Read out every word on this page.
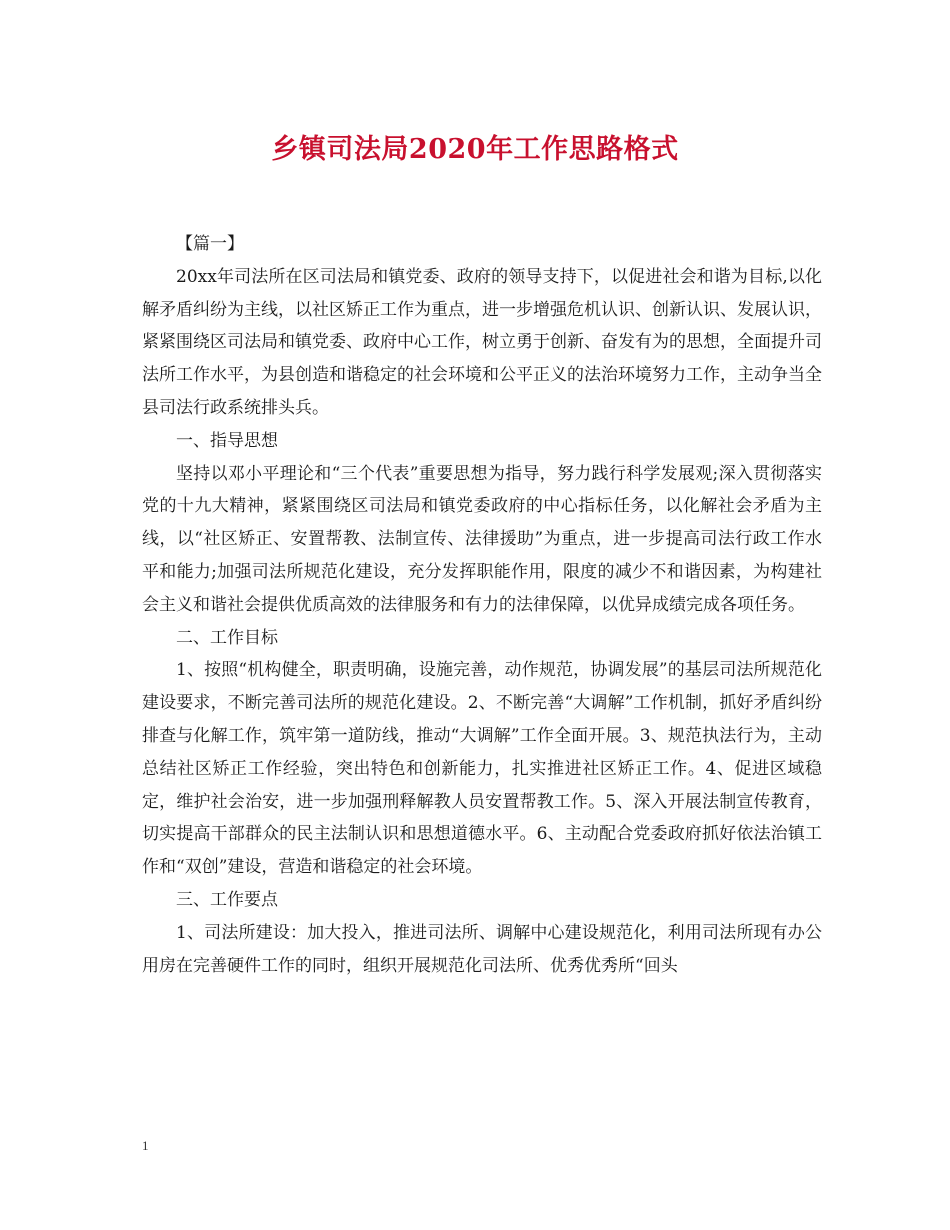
乡镇司法局2020年工作思路格式

【篇一】

20xx年司法所在区司法局和镇党委、政府的领导支持下，以促进社会和谐为目标,以化解矛盾纠纷为主线，以社区矫正工作为重点，进一步增强危机认识、创新认识、发展认识，紧紧围绕区司法局和镇党委、政府中心工作，树立勇于创新、奋发有为的思想，全面提升司法所工作水平，为县创造和谐稳定的社会环境和公平正义的法治环境努力工作，主动争当全县司法行政系统排头兵。

一、指导思想

坚持以邓小平理论和“三个代表”重要思想为指导，努力践行科学发展观;深入贯彻落实党的十九大精神，紧紧围绕区司法局和镇党委政府的中心指标任务，以化解社会矛盾为主线，以“社区矫正、安置帮教、法制宣传、法律援助”为重点，进一步提高司法行政工作水平和能力;加强司法所规范化建设，充分发挥职能作用，限度的减少不和谐因素，为构建社会主义和谐社会提供优质高效的法律服务和有力的法律保障，以优异成绩完成各项任务。

二、工作目标

1、按照“机构健全，职责明确，设施完善，动作规范，协调发展”的基层司法所规范化建设要求，不断完善司法所的规范化建设。2、不断完善“大调解”工作机制，抓好矛盾纠纷排查与化解工作，筑牢第一道防线，推动“大调解”工作全面开展。3、规范执法行为，主动总结社区矫正工作经验，突出特色和创新能力，扎实推进社区矫正工作。4、促进区域稳定，维护社会治安，进一步加强刑释解教人员安置帮教工作。5、深入开展法制宣传教育，切实提高干部群众的民主法制认识和思想道德水平。6、主动配合党委政府抓好依法治镇工作和“双创”建设，营造和谐稳定的社会环境。

三、工作要点

1、司法所建设：加大投入，推进司法所、调解中心建设规范化，利用司法所现有办公用房在完善硬件工作的同时，组织开展规范化司法所、优秀优秀所“回头

1
